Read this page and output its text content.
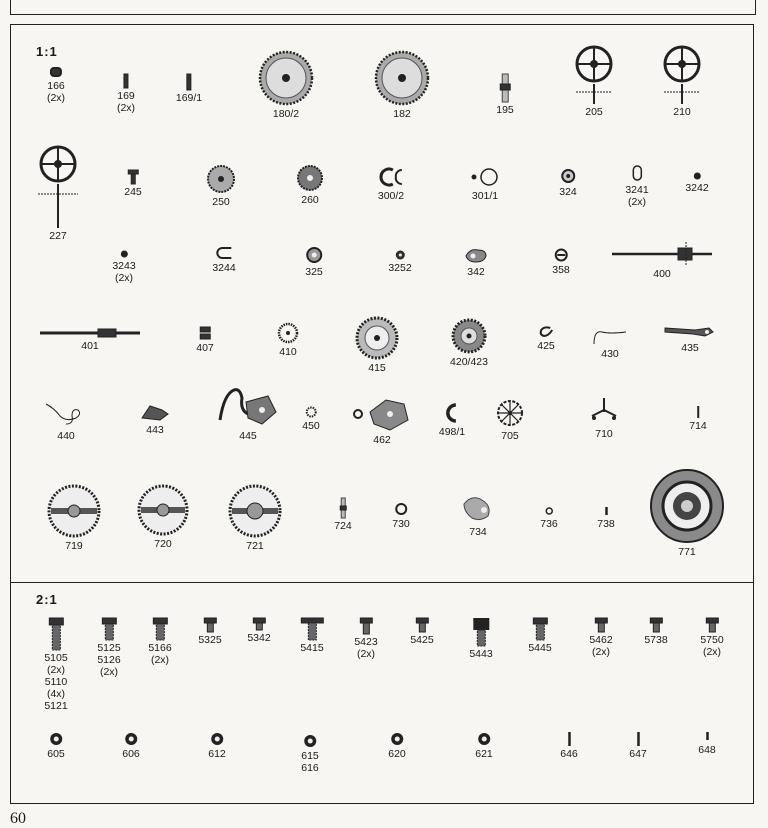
1:1
2:1
166
(2x)	169
(2x)
169/1
180/2	182	195	205	210
227
245
250	260	300/2	301/1	324	3241
(2x)
3242
3243
(2x)
3244	325	3252	342	358	400
401	407	410
415	420/423
425
430	435
440	443	445
450
462
498/1	705	710
714
719	720	721
724	730
734
736	738
771
5105
(2x)
5110
(4x)
5121
5125
5126
(2x)
5166
(2x)
5325 5342
5415	5423
(2x)
5425
5443	5445
5462
(2x)
5738	5750
(2x)
605	606	612	615
616
620	621	646	647	648
60
